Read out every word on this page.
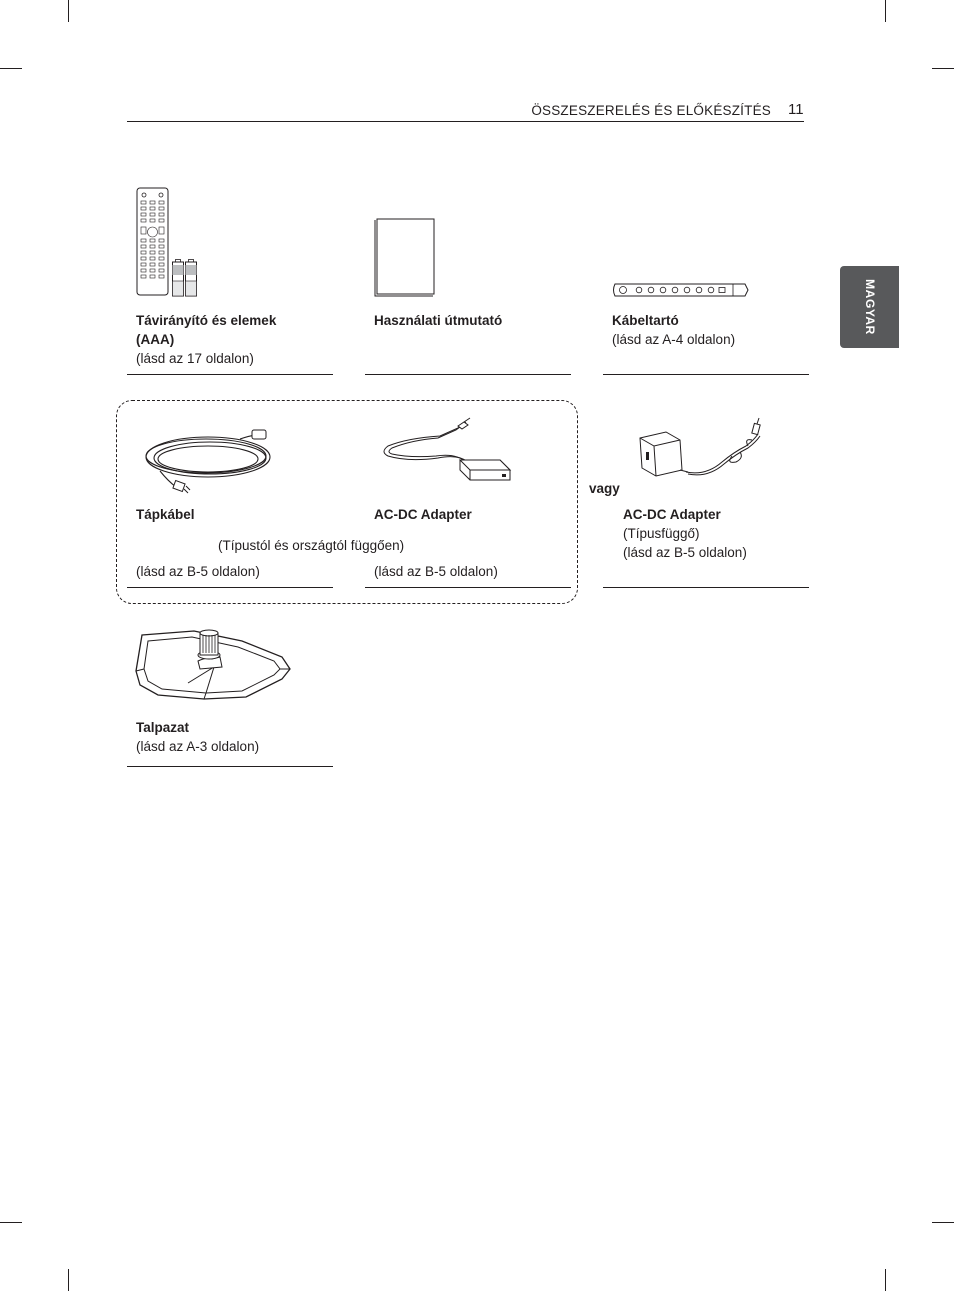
ÖSSZESZERELÉS ÉS ELŐKÉSZÍTÉS 11
MAGYAR
Távirányító és elemek
(AAA)
(lásd az 17 oldalon)
Használati útmutató	Kábeltartó
(lásd az A-4 oldalon)
Tápkábel
(Típustól és országtól függően)
(lásd az B-5 oldalon)
AC-DC Adapter
(lásd az B-5 oldalon)
vagy
AC-DC Adapter
(Típusfüggő)
(lásd az B-5 oldalon)
Talpazat
(lásd az A-3 oldalon)
